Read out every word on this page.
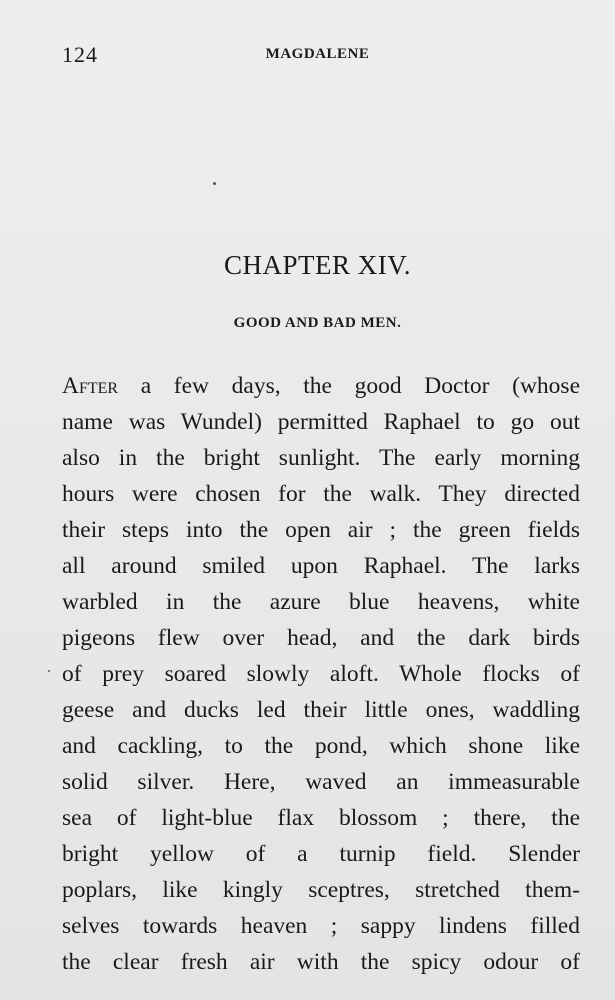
124	MAGDALENE
CHAPTER XIV.
GOOD AND BAD MEN.
After a few days, the good Doctor (whose
name was Wundel) permitted Raphael to go out
also in the bright sunlight. The early morning
hours were chosen for the walk. They directed
their steps into the open air ; the green fields
all around smiled upon Raphael. The larks
warbled in the azure blue heavens, white
pigeons flew over head, and the dark birds
of prey soared slowly aloft. Whole flocks of
geese and ducks led their little ones, waddling
and cackling, to the pond, which shone like
solid silver. Here, waved an immeasurable
sea of light-blue flax blossom ; there, the
bright yellow of a turnip field. Slender
poplars, like kingly sceptres, stretched them-
selves towards heaven ; sappy lindens filled
the clear fresh air with the spicy odour of
